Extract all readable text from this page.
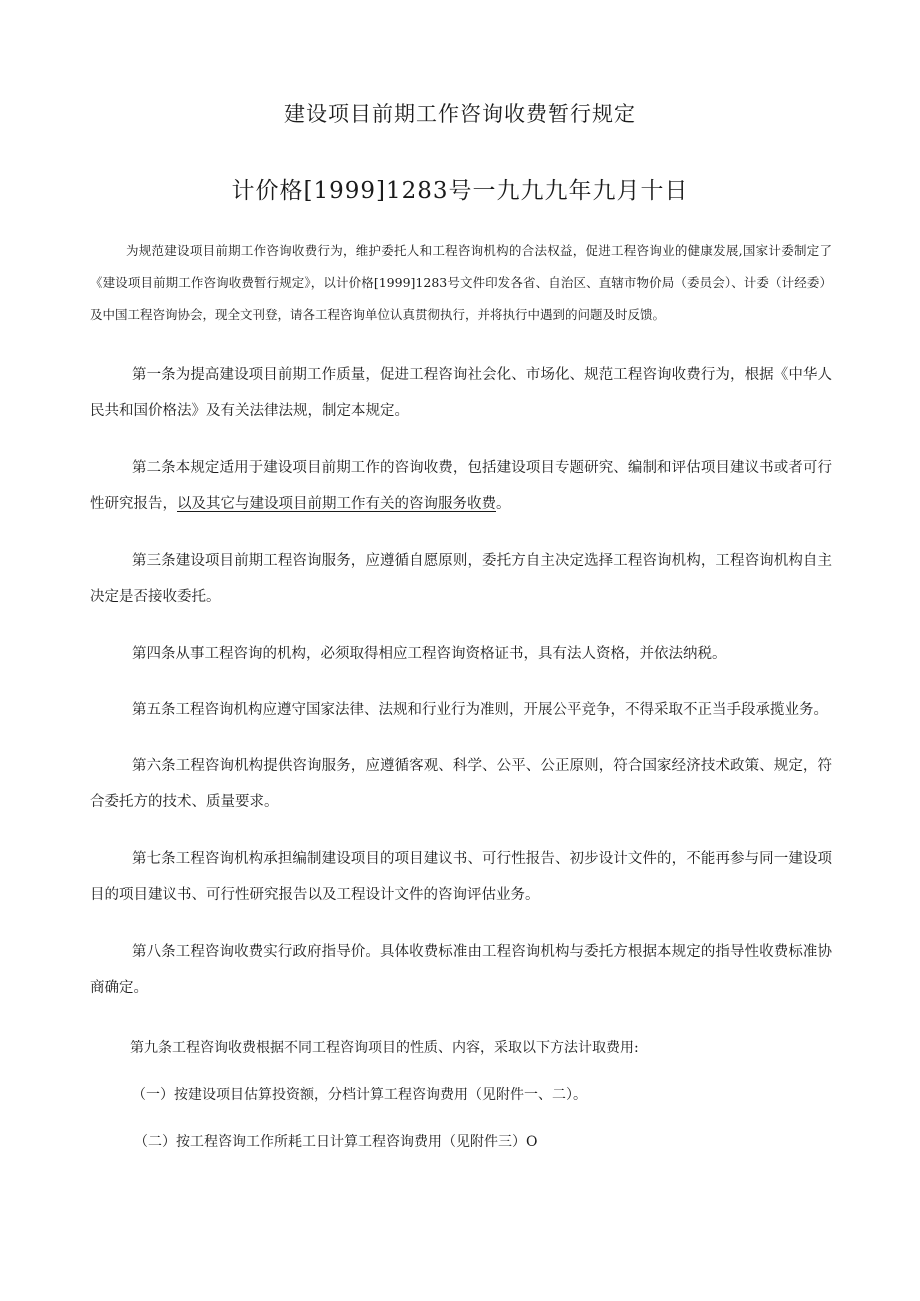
建设项目前期工作咨询收费暂行规定
计价格[1999]1283号一九九九年九月十日
为规范建设项目前期工作咨询收费行为，维护委托人和工程咨询机构的合法权益，促进工程咨询业的健康发展,国家计委制定了《建设项目前期工作咨询收费暂行规定》，以计价格[1999]1283号文件印发各省、自治区、直辖市物价局（委员会）、计委（计经委）及中国工程咨询协会，现全文刊登，请各工程咨询单位认真贯彻执行，并将执行中遇到的问题及时反馈。
第一条为提高建设项目前期工作质量，促进工程咨询社会化、市场化、规范工程咨询收费行为，根据《中华人民共和国价格法》及有关法律法规，制定本规定。
第二条本规定适用于建设项目前期工作的咨询收费，包括建设项目专题研究、编制和评估项目建议书或者可行性研究报告，以及其它与建设项目前期工作有关的咨询服务收费。
第三条建设项目前期工程咨询服务，应遵循自愿原则，委托方自主决定选择工程咨询机构，工程咨询机构自主决定是否接收委托。
第四条从事工程咨询的机构，必须取得相应工程咨询资格证书，具有法人资格，并依法纳税。
第五条工程咨询机构应遵守国家法律、法规和行业行为准则，开展公平竞争，不得采取不正当手段承揽业务。
第六条工程咨询机构提供咨询服务，应遵循客观、科学、公平、公正原则，符合国家经济技术政策、规定，符合委托方的技术、质量要求。
第七条工程咨询机构承担编制建设项目的项目建议书、可行性报告、初步设计文件的，不能再参与同一建设项目的项目建议书、可行性研究报告以及工程设计文件的咨询评估业务。
第八条工程咨询收费实行政府指导价。具体收费标准由工程咨询机构与委托方根据本规定的指导性收费标准协商确定。
第九条工程咨询收费根据不同工程咨询项目的性质、内容，采取以下方法计取费用:
（一）按建设项目估算投资额，分档计算工程咨询费用（见附件一、二）。
（二）按工程咨询工作所耗工日计算工程咨询费用（见附件三）O
